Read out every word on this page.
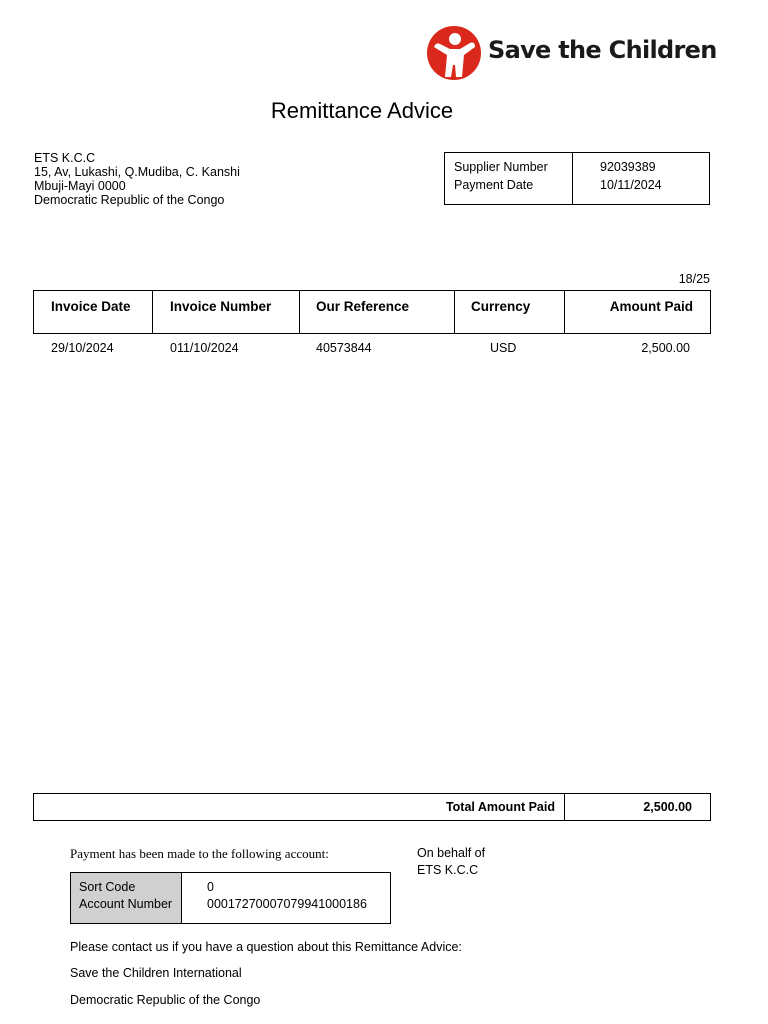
Save the Children
Remittance Advice
ETS K.C.C
15, Av, Lukashi, Q.Mudiba, C. Kanshi
Mbuji-Mayi 0000
Democratic Republic of the Congo
Supplier Number	92039389
Payment Date	10/11/2024
18/25
Invoice Date	Invoice Number	Our Reference	Currency	Amount Paid
29/10/2024	011/10/2024	40573844	USD	2,500.00
Total Amount Paid	2,500.00
Payment has been made to the following account:
Sort Code	0
Account Number	00017270007079941000186
On behalf of
ETS K.C.C
Please contact us if you have a question about this Remittance Advice:
Save the Children International
Democratic Republic of the Congo
